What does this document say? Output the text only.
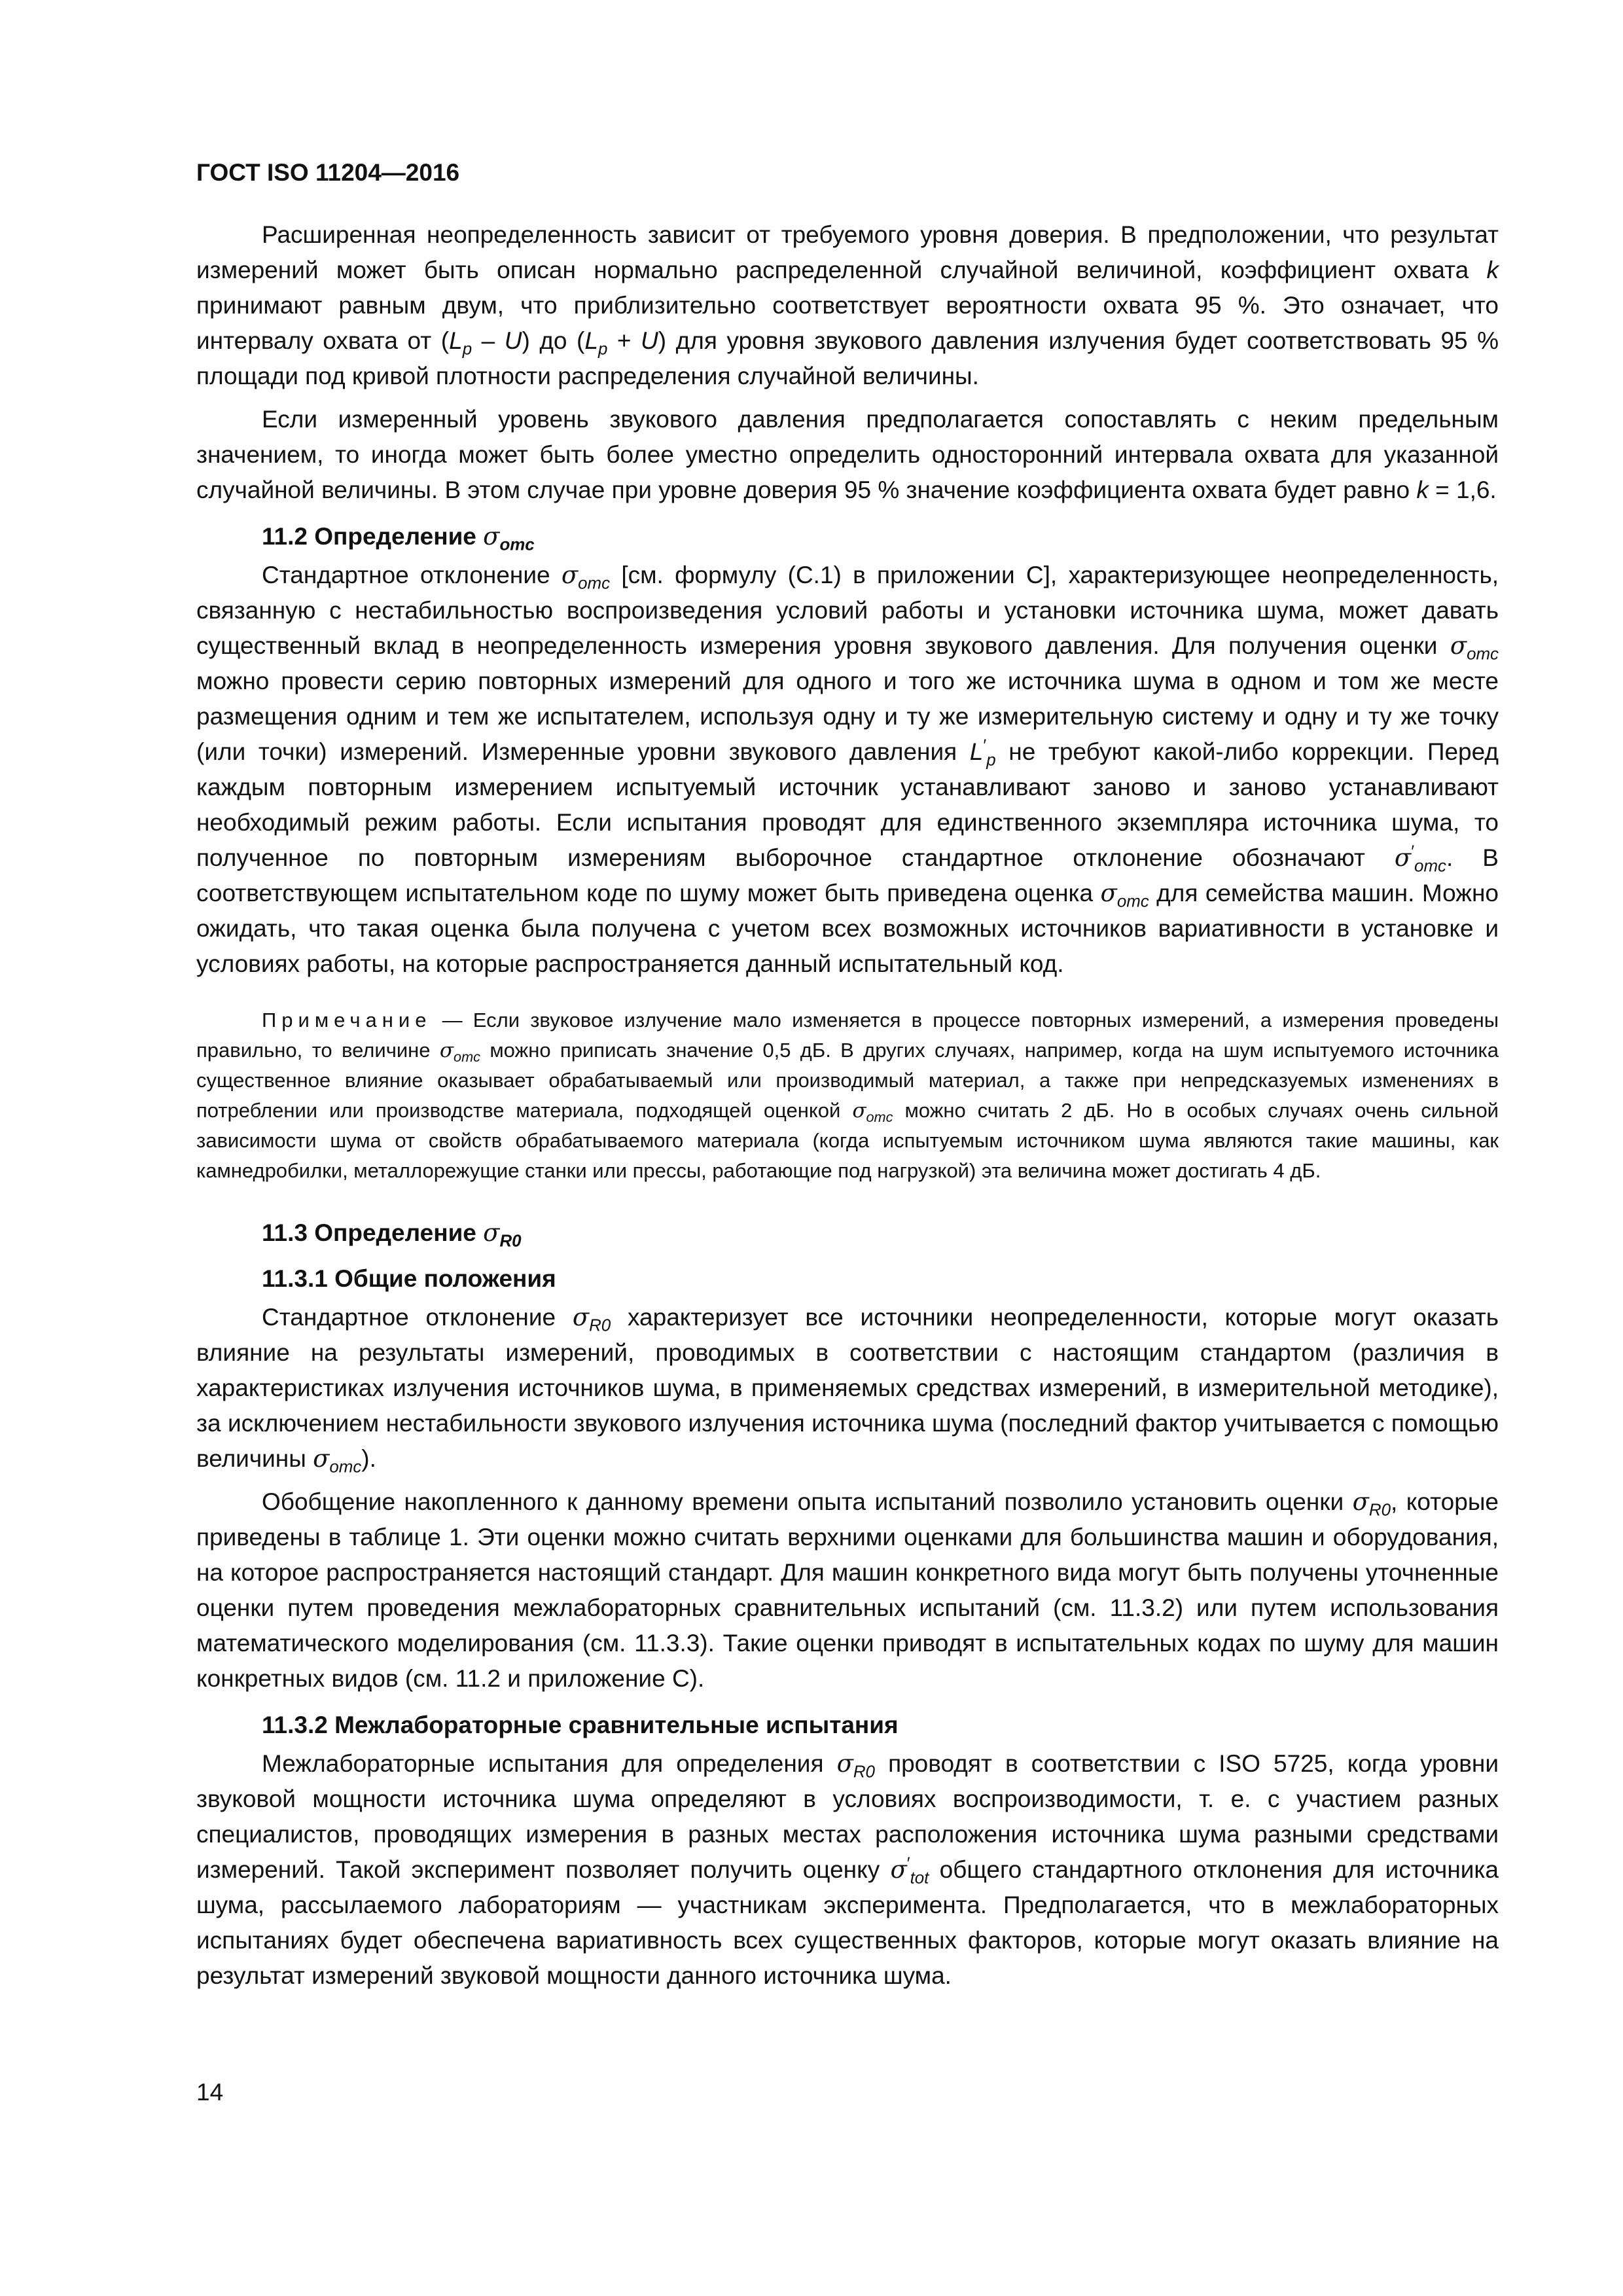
ГОСТ ISO 11204—2016

Расширенная неопределенность зависит от требуемого уровня доверия. В предположении, что результат измерений может быть описан нормально распределенной случайной величиной, коэффициент охвата k принимают равным двум, что приблизительно соответствует вероятности охвата 95 %. Это означает, что интервалу охвата от $(L_p - U)$ до $(L_p + U)$ для уровня звукового давления излучения будет соответствовать 95 % площади под кривой плотности распределения случайной величины.

Если измеренный уровень звукового давления предполагается сопоставлять с неким предельным значением, то иногда может быть более уместно определить односторонний интервала охвата для указанной случайной величины. В этом случае при уровне доверия 95 % значение коэффициента охвата будет равно k = 1,6.

11.2 Определение $\sigma_{omc}$

Стандартное отклонение $\sigma_{omc}$ [см. формулу (C.1) в приложении C], характеризующее неопределенность, связанную с нестабильностью воспроизведения условий работы и установки источника шума, может давать существенный вклад в неопределенность измерения уровня звукового давления. Для получения оценки $\sigma_{omc}$ можно провести серию повторных измерений для одного и того же источника шума в одном и том же месте размещения одним и тем же испытателем, используя одну и ту же измерительную систему и одну и ту же точку (или точки) измерений. Измеренные уровни звукового давления $L'_p$ не требуют какой-либо коррекции. Перед каждым повторным измерением испытуемый источник устанавливают заново и заново устанавливают необходимый режим работы. Если испытания проводят для единственного экземпляра источника шума, то полученное по повторным измерениям выборочное стандартное отклонение обозначают $\sigma'_{omc}$. В соответствующем испытательном коде по шуму может быть приведена оценка $\sigma_{omc}$ для семейства машин. Можно ожидать, что такая оценка была получена с учетом всех возможных источников вариативности в установке и условиях работы, на которые распространяется данный испытательный код.

Примечание — Если звуковое излучение мало изменяется в процессе повторных измерений, а измерения проведены правильно, то величине $\sigma_{omc}$ можно приписать значение 0,5 дБ. В других случаях, например, когда на шум испытуемого источника существенное влияние оказывает обрабатываемый или производимый материал, а также при непредсказуемых изменениях в потреблении или производстве материала, подходящей оценкой $\sigma_{omc}$ можно считать 2 дБ. Но в особых случаях очень сильной зависимости шума от свойств обрабатываемого материала (когда испытуемым источником шума являются такие машины, как камнедробилки, металлорежущие станки или прессы, работающие под нагрузкой) эта величина может достигать 4 дБ.

11.3 Определение $\sigma_{R0}$
11.3.1 Общие положения

Стандартное отклонение $\sigma_{R0}$ характеризует все источники неопределенности, которые могут оказать влияние на результаты измерений, проводимых в соответствии с настоящим стандартом (различия в характеристиках излучения источников шума, в применяемых средствах измерений, в измерительной методике), за исключением нестабильности звукового излучения источника шума (последний фактор учитывается с помощью величины $\sigma_{omc}$).

Обобщение накопленного к данному времени опыта испытаний позволило установить оценки $\sigma_{R0}$, которые приведены в таблице 1. Эти оценки можно считать верхними оценками для большинства машин и оборудования, на которое распространяется настоящий стандарт. Для машин конкретного вида могут быть получены уточненные оценки путем проведения межлабораторных сравнительных испытаний (см. 11.3.2) или путем использования математического моделирования (см. 11.3.3). Такие оценки приводят в испытательных кодах по шуму для машин конкретных видов (см. 11.2 и приложение C).

11.3.2 Межлабораторные сравнительные испытания

Межлабораторные испытания для определения $\sigma_{R0}$ проводят в соответствии с ISO 5725, когда уровни звуковой мощности источника шума определяют в условиях воспроизводимости, т. е. с участием разных специалистов, проводящих измерения в разных местах расположения источника шума разными средствами измерений. Такой эксперимент позволяет получить оценку $\sigma'_{tot}$ общего стандартного отклонения для источника шума, рассылаемого лабораториям — участникам эксперимента. Предполагается, что в межлабораторных испытаниях будет обеспечена вариативность всех существенных факторов, которые могут оказать влияние на результат измерений звуковой мощности данного источника шума.

14
